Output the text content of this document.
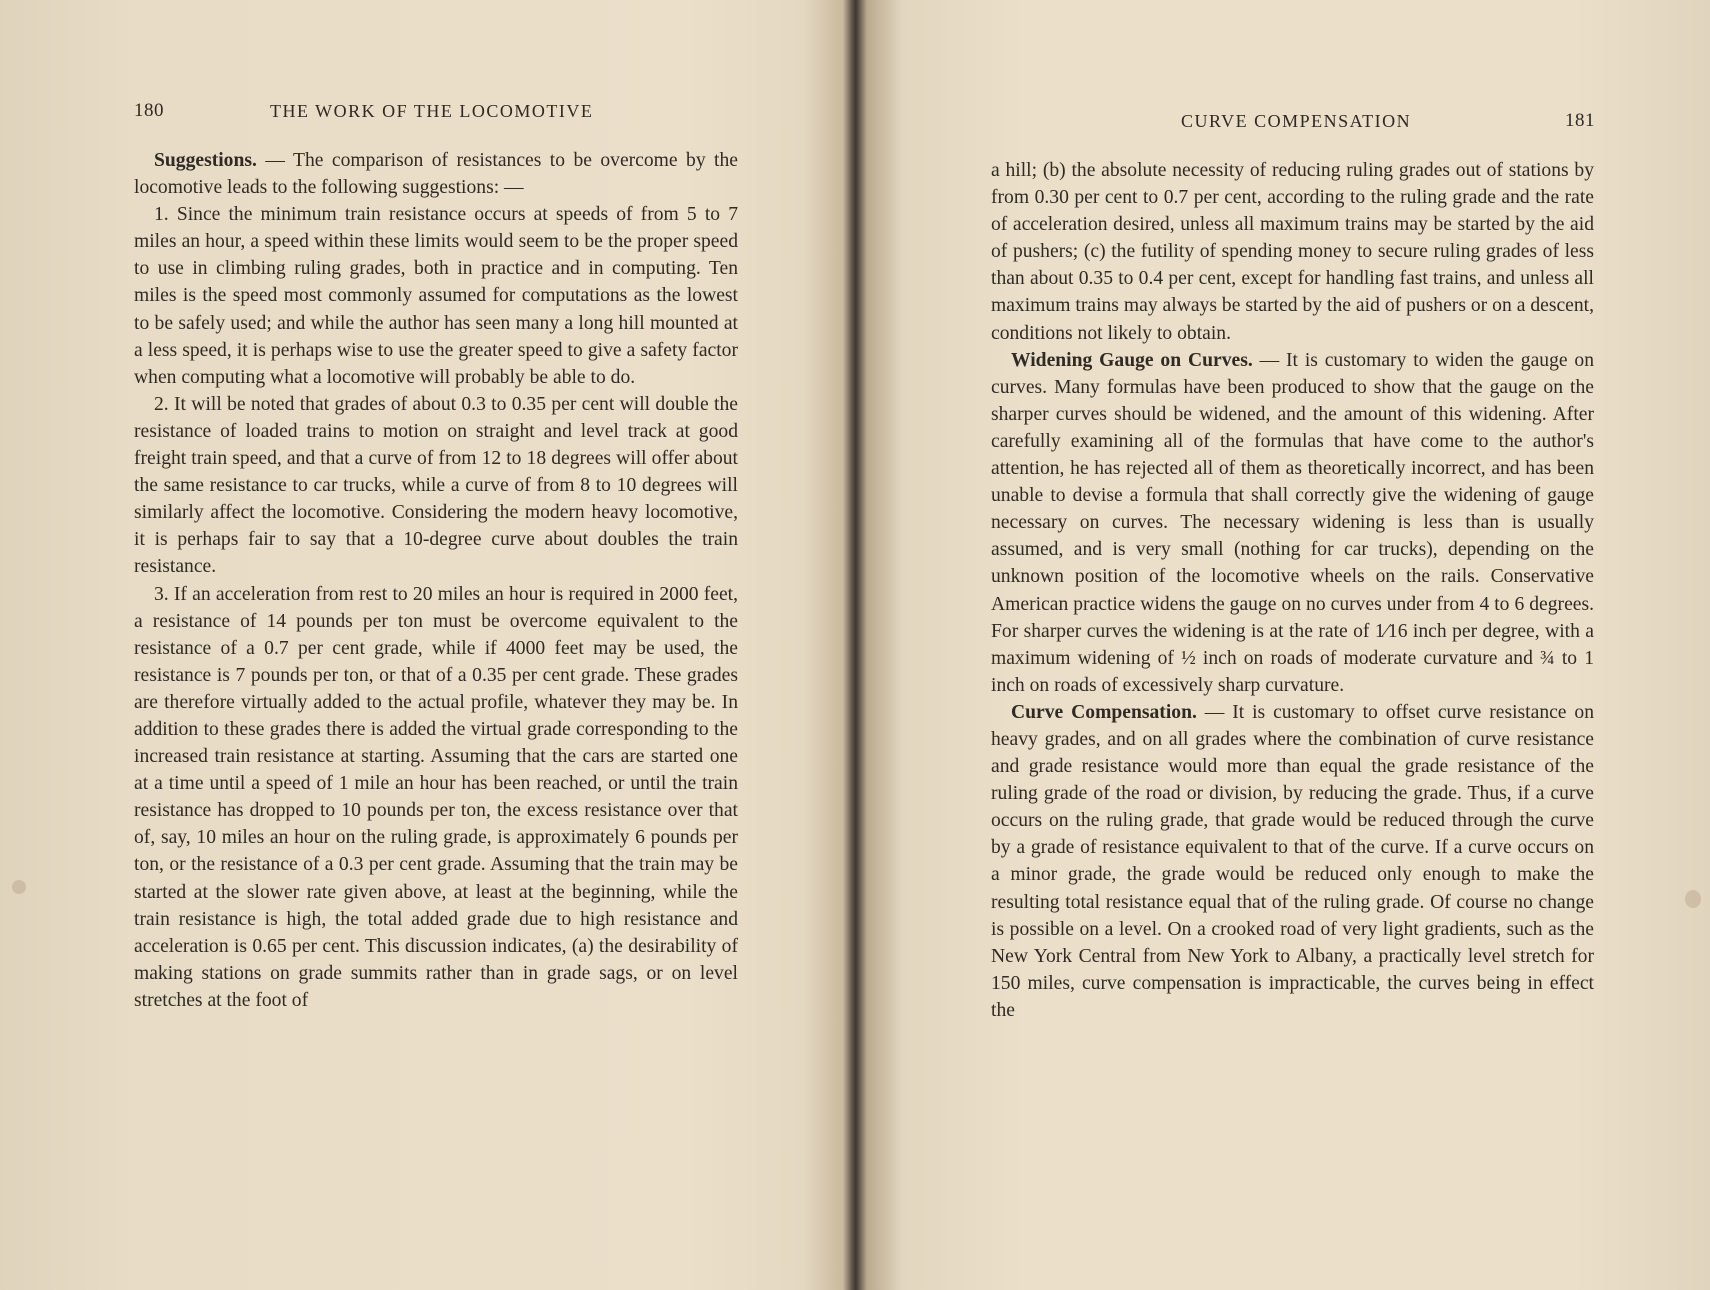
180	THE WORK OF THE LOCOMOTIVE

Suggestions. — The comparison of resistances to be overcome by the locomotive leads to the following suggestions: —

1. Since the minimum train resistance occurs at speeds of from 5 to 7 miles an hour, a speed within these limits would seem to be the proper speed to use in climbing ruling grades, both in practice and in computing. Ten miles is the speed most commonly assumed for computations as the lowest to be safely used; and while the author has seen many a long hill mounted at a less speed, it is perhaps wise to use the greater speed to give a safety factor when computing what a locomotive will probably be able to do.

2. It will be noted that grades of about 0.3 to 0.35 per cent will double the resistance of loaded trains to motion on straight and level track at good freight train speed, and that a curve of from 12 to 18 degrees will offer about the same resistance to car trucks, while a curve of from 8 to 10 degrees will similarly affect the locomotive. Considering the modern heavy locomotive, it is perhaps fair to say that a 10-degree curve about doubles the train resistance.

3. If an acceleration from rest to 20 miles an hour is required in 2000 feet, a resistance of 14 pounds per ton must be overcome equivalent to the resistance of a 0.7 per cent grade, while if 4000 feet may be used, the resistance is 7 pounds per ton, or that of a 0.35 per cent grade. These grades are therefore virtually added to the actual profile, whatever they may be. In addition to these grades there is added the virtual grade corresponding to the increased train resistance at starting. Assuming that the cars are started one at a time until a speed of 1 mile an hour has been reached, or until the train resistance has dropped to 10 pounds per ton, the excess resistance over that of, say, 10 miles an hour on the ruling grade, is approximately 6 pounds per ton, or the resistance of a 0.3 per cent grade. Assuming that the train may be started at the slower rate given above, at least at the beginning, while the train resistance is high, the total added grade due to high resistance and acceleration is 0.65 per cent. This discussion indicates, (a) the desirability of making stations on grade summits rather than in grade sags, or on level stretches at the foot of

CURVE COMPENSATION	181

a hill; (b) the absolute necessity of reducing ruling grades out of stations by from 0.30 per cent to 0.7 per cent, according to the ruling grade and the rate of acceleration desired, unless all maximum trains may be started by the aid of pushers; (c) the futility of spending money to secure ruling grades of less than about 0.35 to 0.4 per cent, except for handling fast trains, and unless all maximum trains may always be started by the aid of pushers or on a descent, conditions not likely to obtain.

Widening Gauge on Curves. — It is customary to widen the gauge on curves. Many formulas have been produced to show that the gauge on the sharper curves should be widened, and the amount of this widening. After carefully examining all of the formulas that have come to the author's attention, he has rejected all of them as theoretically incorrect, and has been unable to devise a formula that shall correctly give the widening of gauge necessary on curves. The necessary widening is less than is usually assumed, and is very small (nothing for car trucks), depending on the unknown position of the locomotive wheels on the rails. Conservative American practice widens the gauge on no curves under from 4 to 6 degrees. For sharper curves the widening is at the rate of 1⁄16 inch per degree, with a maximum widening of ½ inch on roads of moderate curvature and ¾ to 1 inch on roads of excessively sharp curvature.

Curve Compensation. — It is customary to offset curve resistance on heavy grades, and on all grades where the combination of curve resistance and grade resistance would more than equal the grade resistance of the ruling grade of the road or division, by reducing the grade. Thus, if a curve occurs on the ruling grade, that grade would be reduced through the curve by a grade of resistance equivalent to that of the curve. If a curve occurs on a minor grade, the grade would be reduced only enough to make the resulting total resistance equal that of the ruling grade. Of course no change is possible on a level. On a crooked road of very light gradients, such as the New York Central from New York to Albany, a practically level stretch for 150 miles, curve compensation is impracticable, the curves being in effect the
